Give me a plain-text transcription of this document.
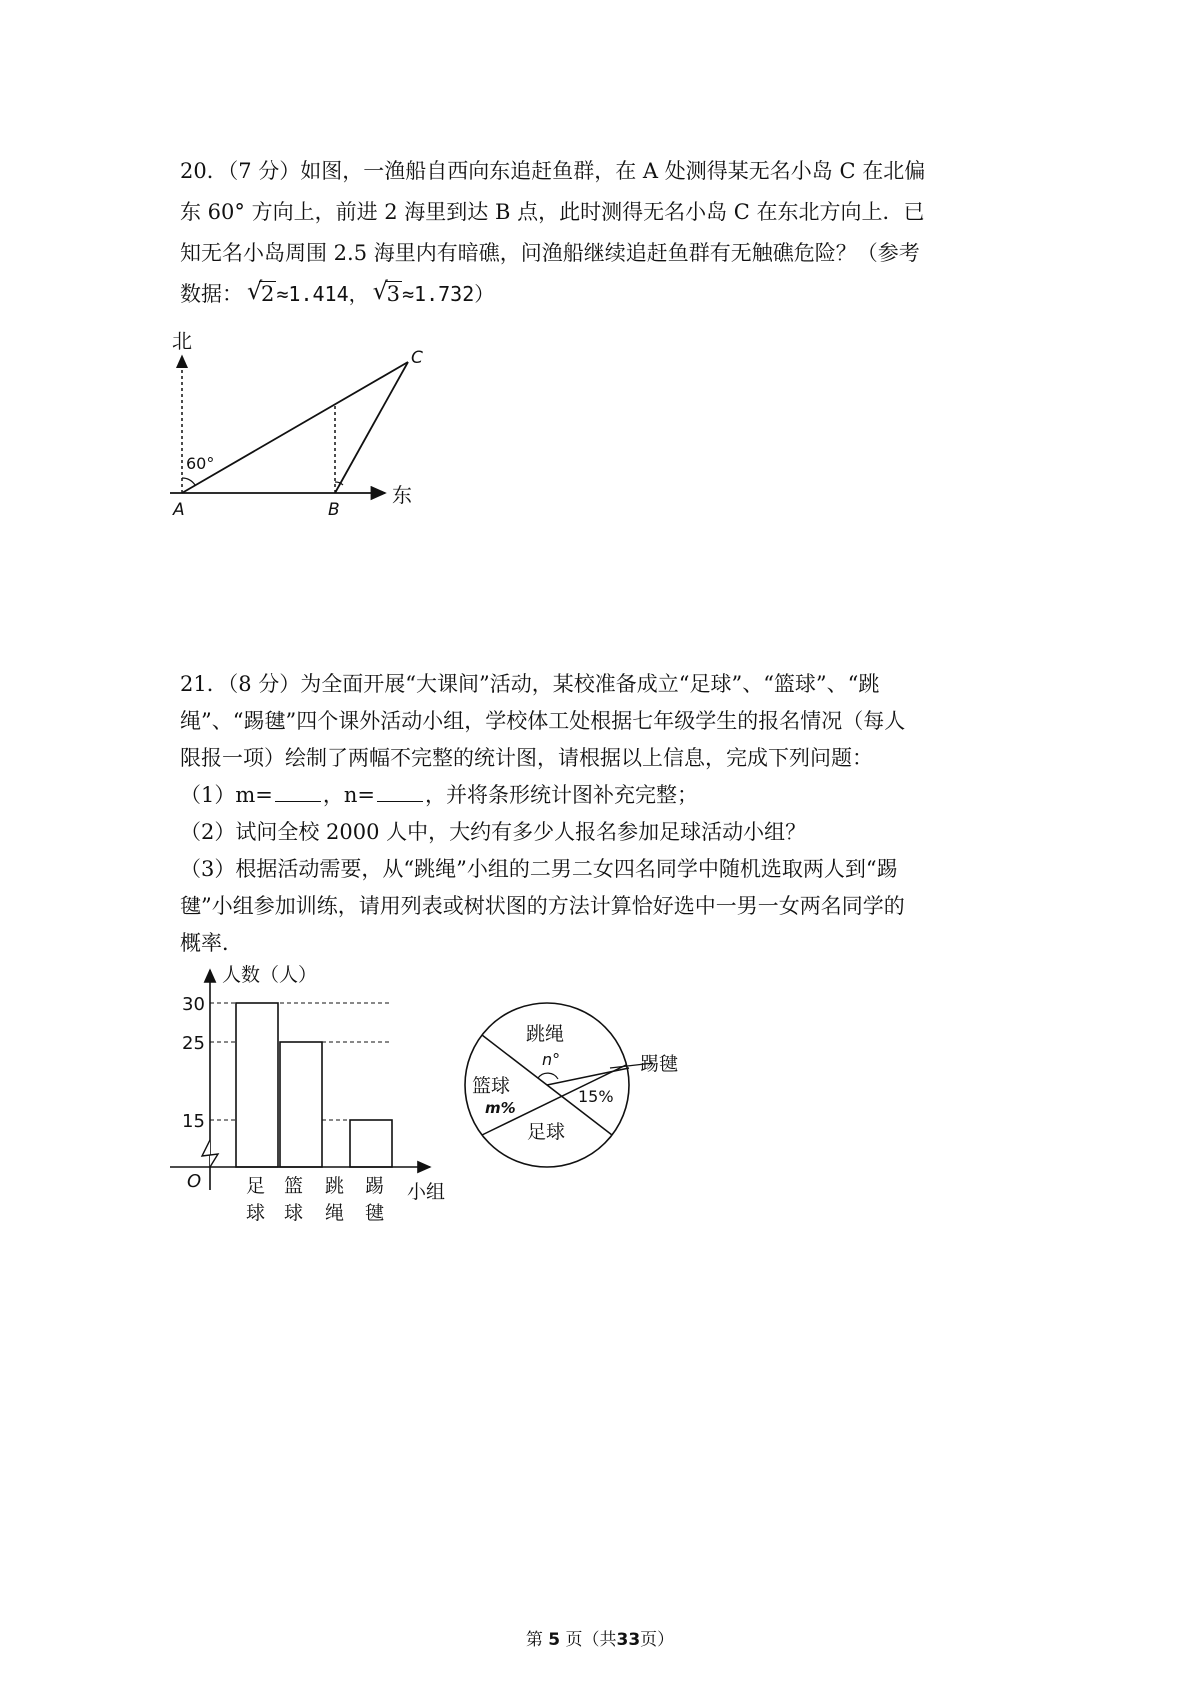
20．（7 分）如图，一渔船自西向东追赶鱼群，在 A 处测得某无名小岛 C 在北偏
东 60° 方向上，前进 2 海里到达 B 点，此时测得无名小岛 C 在东北方向上．已
知无名小岛周围 2.5 海里内有暗礁，问渔船继续追赶鱼群有无触礁危险？（参考
数据： √
2 ≈1.414， √
3 ≈1.732）
北
东
60°
A	B
C
21．（8 分）为全面开展“大课间”活动，某校准备成立“足球”、“篮球”、“跳
绳”、“踢毽”四个课外活动小组，学校体工处根据七年级学生的报名情况（每人
限报一项）绘制了两幅不完整的统计图，请根据以上信息，完成下列问题：
（1）m= ，n= ，并将条形统计图补充完整；
（2）试问全校 2000 人中，大约有多少人报名参加足球活动小组？
（3）根据活动需要，从“跳绳”小组的二男二女四名同学中随机选取两人到“踢
毽”小组参加训练，请用列表或树状图的方法计算恰好选中一男一女两名同学的
概率．
人数（人）
小组
O
30
25
15
足
球
篮
球
跳
绳
踢
毽
跳绳
n°	踢毽
15%
篮球
m%
足球
第 5 页（共33页）
